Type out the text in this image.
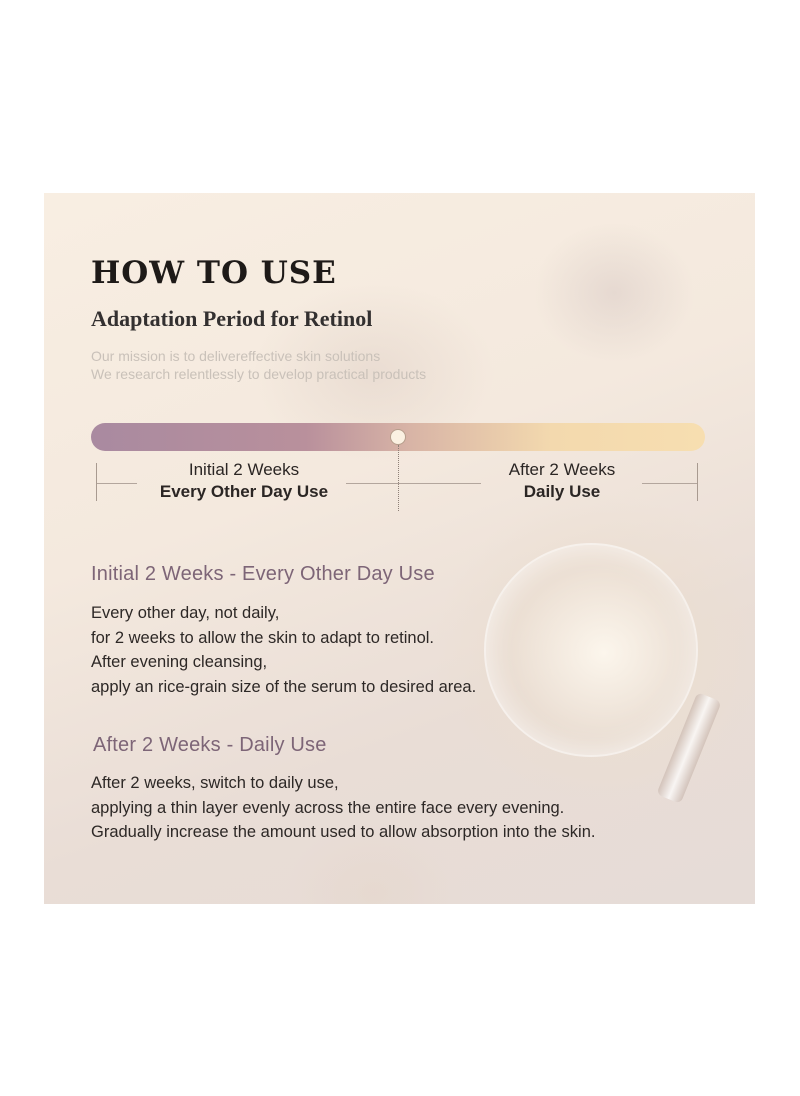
HOW TO USE
Adaptation Period for Retinol

Our mission is to delivereffective skin solutions
We research relentlessly to develop practical products

Initial 2 Weeks
Every Other Day Use

After 2 Weeks
Daily Use

Initial 2 Weeks - Every Other Day Use

Every other day, not daily,
for 2 weeks to allow the skin to adapt to retinol.
After evening cleansing,
apply an rice-grain size of the serum to desired area.

After 2 Weeks - Daily Use

After 2 weeks, switch to daily use,
applying a thin layer evenly across the entire face every evening.
Gradually increase the amount used to allow absorption into the skin.
